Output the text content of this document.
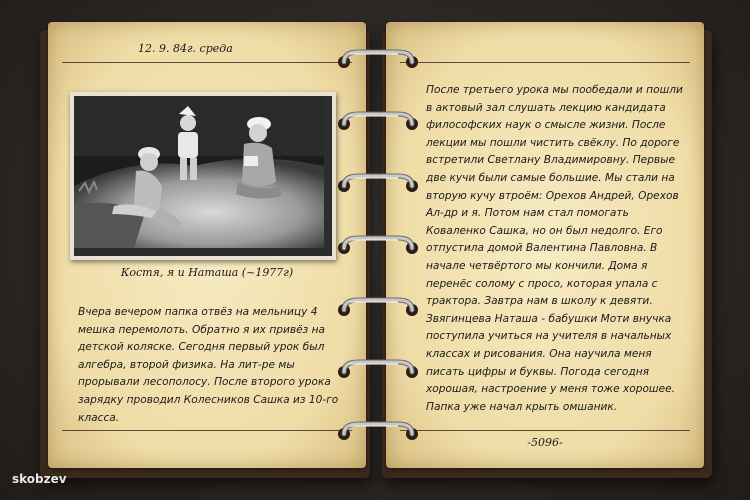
12. 9. 84г. среда
Костя, я и Наташа (~1977г)
Вчера вечером папка отвёз на мельницу 4 мешка перемолоть. Обратно я их привёз на детской коляске. Сегодня первый урок был алгебра, второй физика. На лит-ре мы прорывали лесополосу. После второго урока зарядку проводил Колесников Сашка из 10-го класса.
После третьего урока мы пообедали и пошли в актовый зал слушать лекцию кандидата философских наук о смысле жизни. После лекции мы пошли чистить свёклу. По дороге встретили Светлану Владимировну. Первые две кучи были самые большие. Мы стали на вторую кучу втроём: Орехов Андрей, Орехов Ал-др и я. Потом нам стал помогать Коваленко Сашка, но он был недолго. Его отпустила домой Валентина Павловна. В начале четвёртого мы кончили. Дома я перенёс солому с просо, которая упала с трактора. Завтра нам в школу к девяти. Звягинцева Наташа - бабушки Моти внучка поступила учиться на учителя в начальных классах и рисования. Она научила меня писать цифры и буквы. Погода сегодня хорошая, настроение у меня тоже хорошее. Папка уже начал крыть омшаник.
-5096-
skobzev
